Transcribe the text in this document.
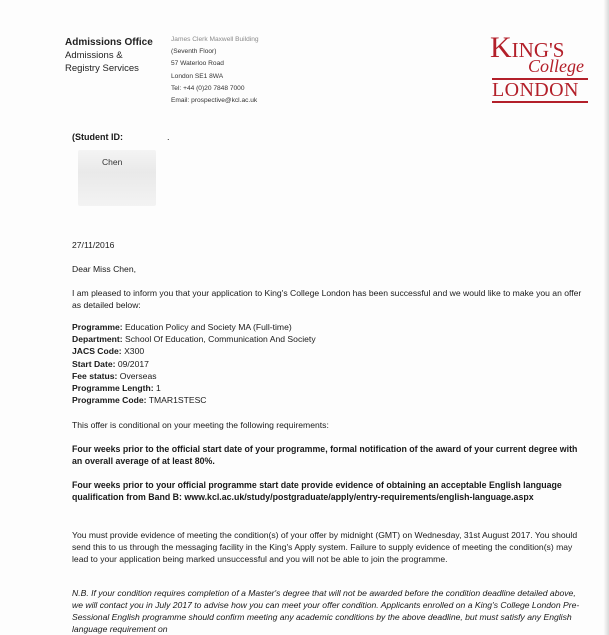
Admissions Office
Admissions &
Registry Services
James Clerk Maxwell Building
(Seventh Floor)
57 Waterloo Road
London SE1 8WA
Tel: +44 (0)20 7848 7000
Email: prospective@kcl.ac.uk
KING'S
College
LONDON
(Student ID:	.
Chen
27/11/2016
Dear Miss Chen,
I am pleased to inform you that your application to King's College London has been successful and we would like to make you an offer as detailed below:
Programme: Education Policy and Society MA (Full-time)
Department: School Of Education, Communication And Society
JACS Code: X300
Start Date: 09/2017
Fee status: Overseas
Programme Length: 1
Programme Code: TMAR1STESC
This offer is conditional on your meeting the following requirements:
Four weeks prior to the official start date of your programme, formal notification of the award of your current degree with an overall average of at least 80%.
Four weeks prior to your official programme start date provide evidence of obtaining an acceptable English language qualification from Band B: www.kcl.ac.uk/study/postgraduate/apply/entry-requirements/english-language.aspx
You must provide evidence of meeting the condition(s) of your offer by midnight (GMT) on Wednesday, 31st August 2017. You should send this to us through the messaging facility in the King's Apply system. Failure to supply evidence of meeting the condition(s) may lead to your application being marked unsuccessful and you will not be able to join the programme.
N.B. If your condition requires completion of a Master's degree that will not be awarded before the condition deadline detailed above, we will contact you in July 2017 to advise how you can meet your offer condition. Applicants enrolled on a King's College London Pre-Sessional English programme should confirm meeting any academic conditions by the above deadline, but must satisfy any English language requirement on
